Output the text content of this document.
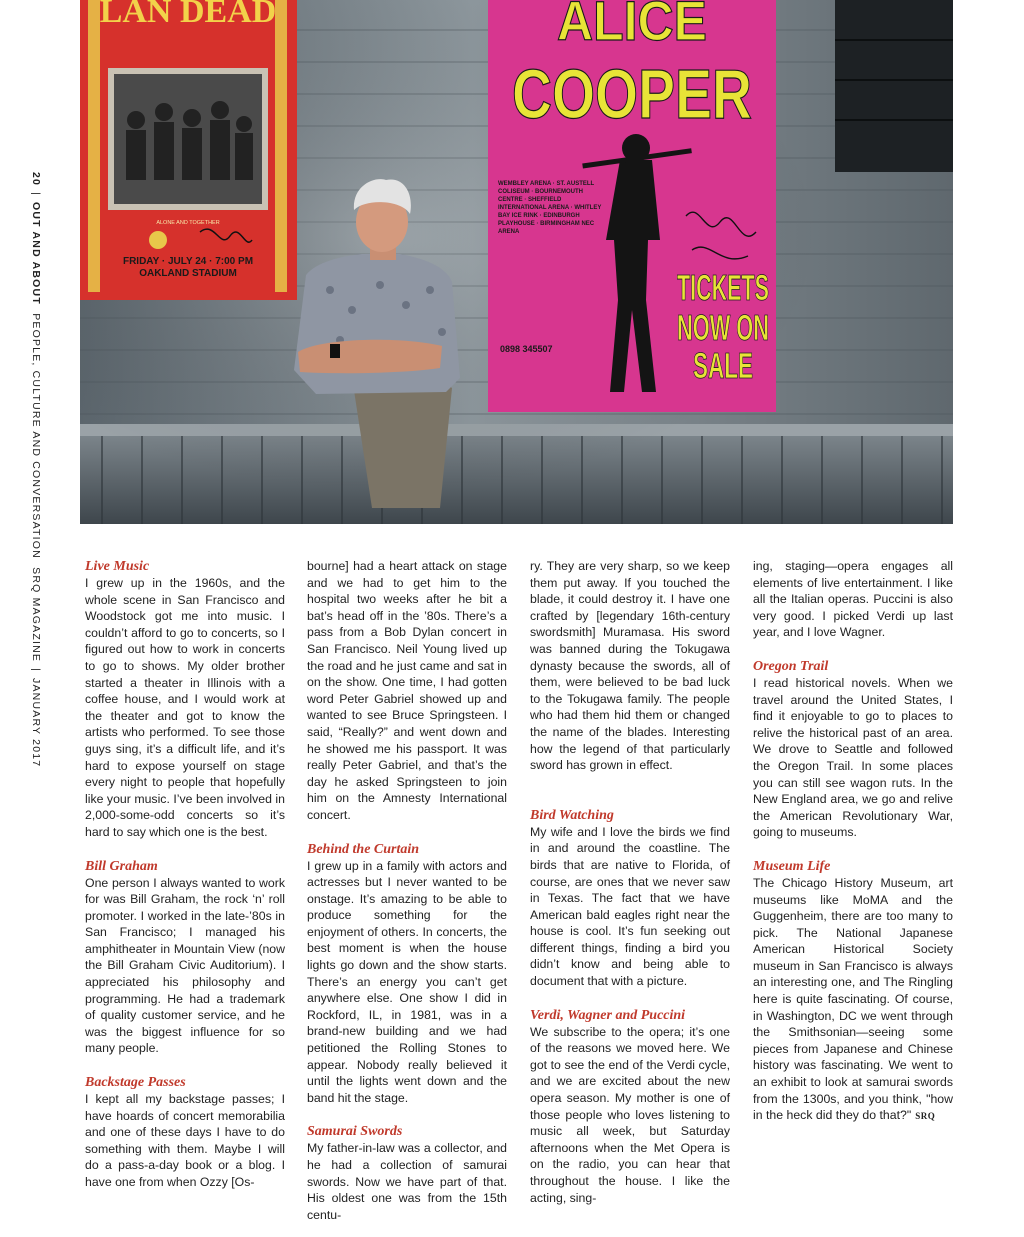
20|OUT AND ABOUT  PEOPLE, CULTURE AND CONVERSATION  SRQ MAGAZINE|JANUARY 2017
LAN DEAD
ALONE AND TOGETHER
FRIDAY · JULY 24 · 7:00 PM
OAKLAND STADIUM
ALICE
COOPER
WEMBLEY ARENA · ST. AUSTELL COLISEUM · BOURNEMOUTH CENTRE · SHEFFIELD INTERNATIONAL ARENA · WHITLEY BAY ICE RINK · EDINBURGH PLAYHOUSE · BIRMINGHAM NEC ARENA
0898 345507
TICKETS
NOW ON
SALE
Live Music

I grew up in the 1960s, and the whole scene in San Francisco and Woodstock got me into music. I couldn’t afford to go to concerts, so I figured out how to work in concerts to go to shows. My older brother started a theater in Illinois with a coffee house, and I would work at the theater and got to know the artists who performed. To see those guys sing, it’s a difficult life, and it’s hard to expose yourself on stage every night to people that hopefully like your music. I’ve been involved in 2,000-some-odd concerts so it’s hard to say which one is the best.

Bill Graham

One person I always wanted to work for was Bill Graham, the rock ‘n’ roll promoter. I worked in the late-’80s in San Francisco; I managed his amphitheater in Mountain View (now the Bill Graham Civic Auditorium). I appreciated his philosophy and programming. He had a trademark of quality customer service, and he was the biggest influence for so many people.

Backstage Passes

I kept all my backstage passes; I have hoards of concert memorabilia and one of these days I have to do something with them. Maybe I will do a pass-a-day book or a blog. I have one from when Ozzy [Os-

bourne] had a heart attack on stage and we had to get him to the hospital two weeks after he bit a bat’s head off in the ’80s. There’s a pass from a Bob Dylan concert in San Francisco. Neil Young lived up the road and he just came and sat in on the show. One time, I had gotten word Peter Gabriel showed up and wanted to see Bruce Springsteen. I said, “Really?” and went down and he showed me his passport. It was really Peter Gabriel, and that’s the day he asked Springsteen to join him on the Amnesty International concert.

Behind the Curtain

I grew up in a family with actors and actresses but I never wanted to be onstage. It’s amazing to be able to produce something for the enjoyment of others. In concerts, the best moment is when the house lights go down and the show starts. There’s an energy you can’t get anywhere else. One show I did in Rockford, IL, in 1981, was in a brand-new building and we had petitioned the Rolling Stones to appear. Nobody really believed it until the lights went down and the band hit the stage.

Samurai Swords

My father-in-law was a collector, and he had a collection of samurai swords. Now we have part of that. His oldest one was from the 15th centu-

ry. They are very sharp, so we keep them put away. If you touched the blade, it could destroy it. I have one crafted by [legendary 16th-century swordsmith] Muramasa. His sword was banned during the Tokugawa dynasty because the swords, all of them, were believed to be bad luck to the Tokugawa family. The people who had them hid them or changed the name of the blades. Interesting how the legend of that particularly sword has grown in effect.

Bird Watching

My wife and I love the birds we find in and around the coastline. The birds that are native to Florida, of course, are ones that we never saw in Texas. The fact that we have American bald eagles right near the house is cool. It’s fun seeking out different things, finding a bird you didn’t know and being able to document that with a picture.

Verdi, Wagner and Puccini

We subscribe to the opera; it’s one of the reasons we moved here. We got to see the end of the Verdi cycle, and we are excited about the new opera season. My mother is one of those people who loves listening to music all week, but Saturday afternoons when the Met Opera is on the radio, you can hear that throughout the house. I like the acting, sing-

ing, staging—opera engages all elements of live entertainment. I like all the Italian operas. Puccini is also very good. I picked Verdi up last year, and I love Wagner.

Oregon Trail

I read historical novels. When we travel around the United States, I find it enjoyable to go to places to relive the historical past of an area. We drove to Seattle and followed the Oregon Trail. In some places you can still see wagon ruts. In the New England area, we go and relive the American Revolutionary War, going to museums.

Museum Life

The Chicago History Museum, art museums like MoMA and the Guggenheim, there are too many to pick. The National Japanese American Historical Society museum in San Francisco is always an interesting one, and The Ringling here is quite fascinating. Of course, in Washington, DC we went through the Smithsonian—seeing some pieces from Japanese and Chinese history was fascinating. We went to an exhibit to look at samurai swords from the 1300s, and you think, "how in the heck did they do that?" SRQ
